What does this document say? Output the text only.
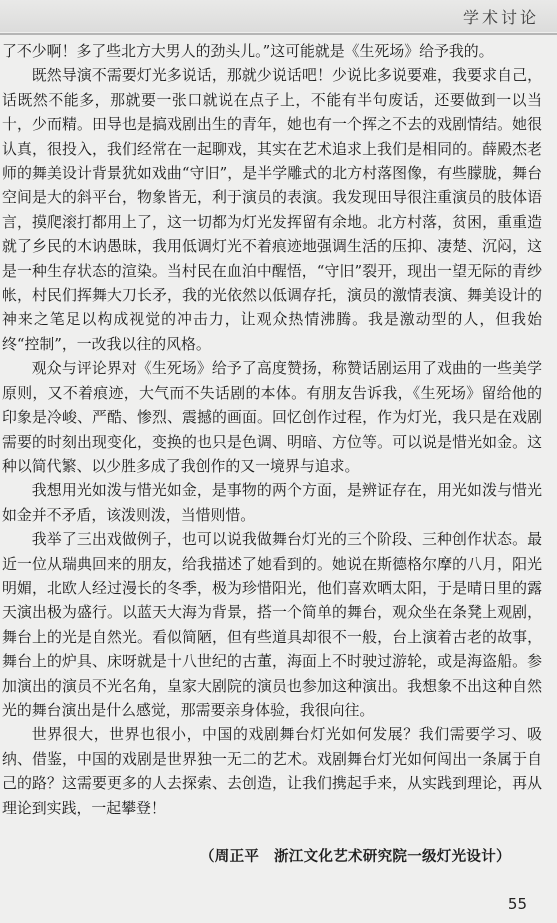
学术讨论

了不少啊！多了些北方大男人的劲头儿。”这可能就是《生死场》给予我的。

既然导演不需要灯光多说话，那就少说话吧！少说比多说要难，我要求自己，话既然不能多，那就要一张口就说在点子上，不能有半句废话，还要做到一以当十，少而精。田导也是搞戏剧出生的青年，她也有一个挥之不去的戏剧情结。她很认真，很投入，我们经常在一起聊戏，其实在艺术追求上我们是相同的。薛殿杰老师的舞美设计背景犹如戏曲“守旧”，是半学雕式的北方村落图像，有些朦胧，舞台空间是大的斜平台，物象皆无，利于演员的表演。我发现田导很注重演员的肢体语言，摸爬滚打都用上了，这一切都为灯光发挥留有余地。北方村落，贫困，重重造就了乡民的木讷愚昧，我用低调灯光不着痕迹地强调生活的压抑、凄楚、沉闷，这是一种生存状态的渲染。当村民在血泊中醒悟，“守旧”裂开，现出一望无际的青纱帐，村民们挥舞大刀长矛，我的光依然以低调存托，演员的激情表演、舞美设计的神来之笔足以构成视觉的冲击力，让观众热情沸腾。我是激动型的人，但我始终“控制”，一改我以往的风格。

观众与评论界对《生死场》给予了高度赞扬，称赞话剧运用了戏曲的一些美学原则，又不着痕迹，大气而不失话剧的本体。有朋友告诉我，《生死场》留给他的印象是冷峻、严酷、惨烈、震撼的画面。回忆创作过程，作为灯光，我只是在戏剧需要的时刻出现变化，变换的也只是色调、明暗、方位等。可以说是惜光如金。这种以简代繁、以少胜多成了我创作的又一境界与追求。

我想用光如泼与惜光如金，是事物的两个方面，是辨证存在，用光如泼与惜光如金并不矛盾，该泼则泼，当惜则惜。

我举了三出戏做例子，也可以说我做舞台灯光的三个阶段、三种创作状态。最近一位从瑞典回来的朋友，给我描述了她看到的。她说在斯德格尔摩的八月，阳光明媚，北欧人经过漫长的冬季，极为珍惜阳光，他们喜欢晒太阳，于是晴日里的露天演出极为盛行。以蓝天大海为背景，搭一个简单的舞台，观众坐在条凳上观剧，舞台上的光是自然光。看似简陋，但有些道具却很不一般，台上演着古老的故事，舞台上的炉具、床呀就是十八世纪的古董，海面上不时驶过游轮，或是海盗船。参加演出的演员不光名角，皇家大剧院的演员也参加这种演出。我想象不出这种自然光的舞台演出是什么感觉，那需要亲身体验，我很向往。

世界很大，世界也很小，中国的戏剧舞台灯光如何发展？我们需要学习、吸纳、借鉴，中国的戏剧是世界独一无二的艺术。戏剧舞台灯光如何闯出一条属于自己的路？这需要更多的人去探索、去创造，让我们携起手来，从实践到理论，再从理论到实践，一起攀登！

（周正平　浙江文化艺术研究院一级灯光设计）
55
